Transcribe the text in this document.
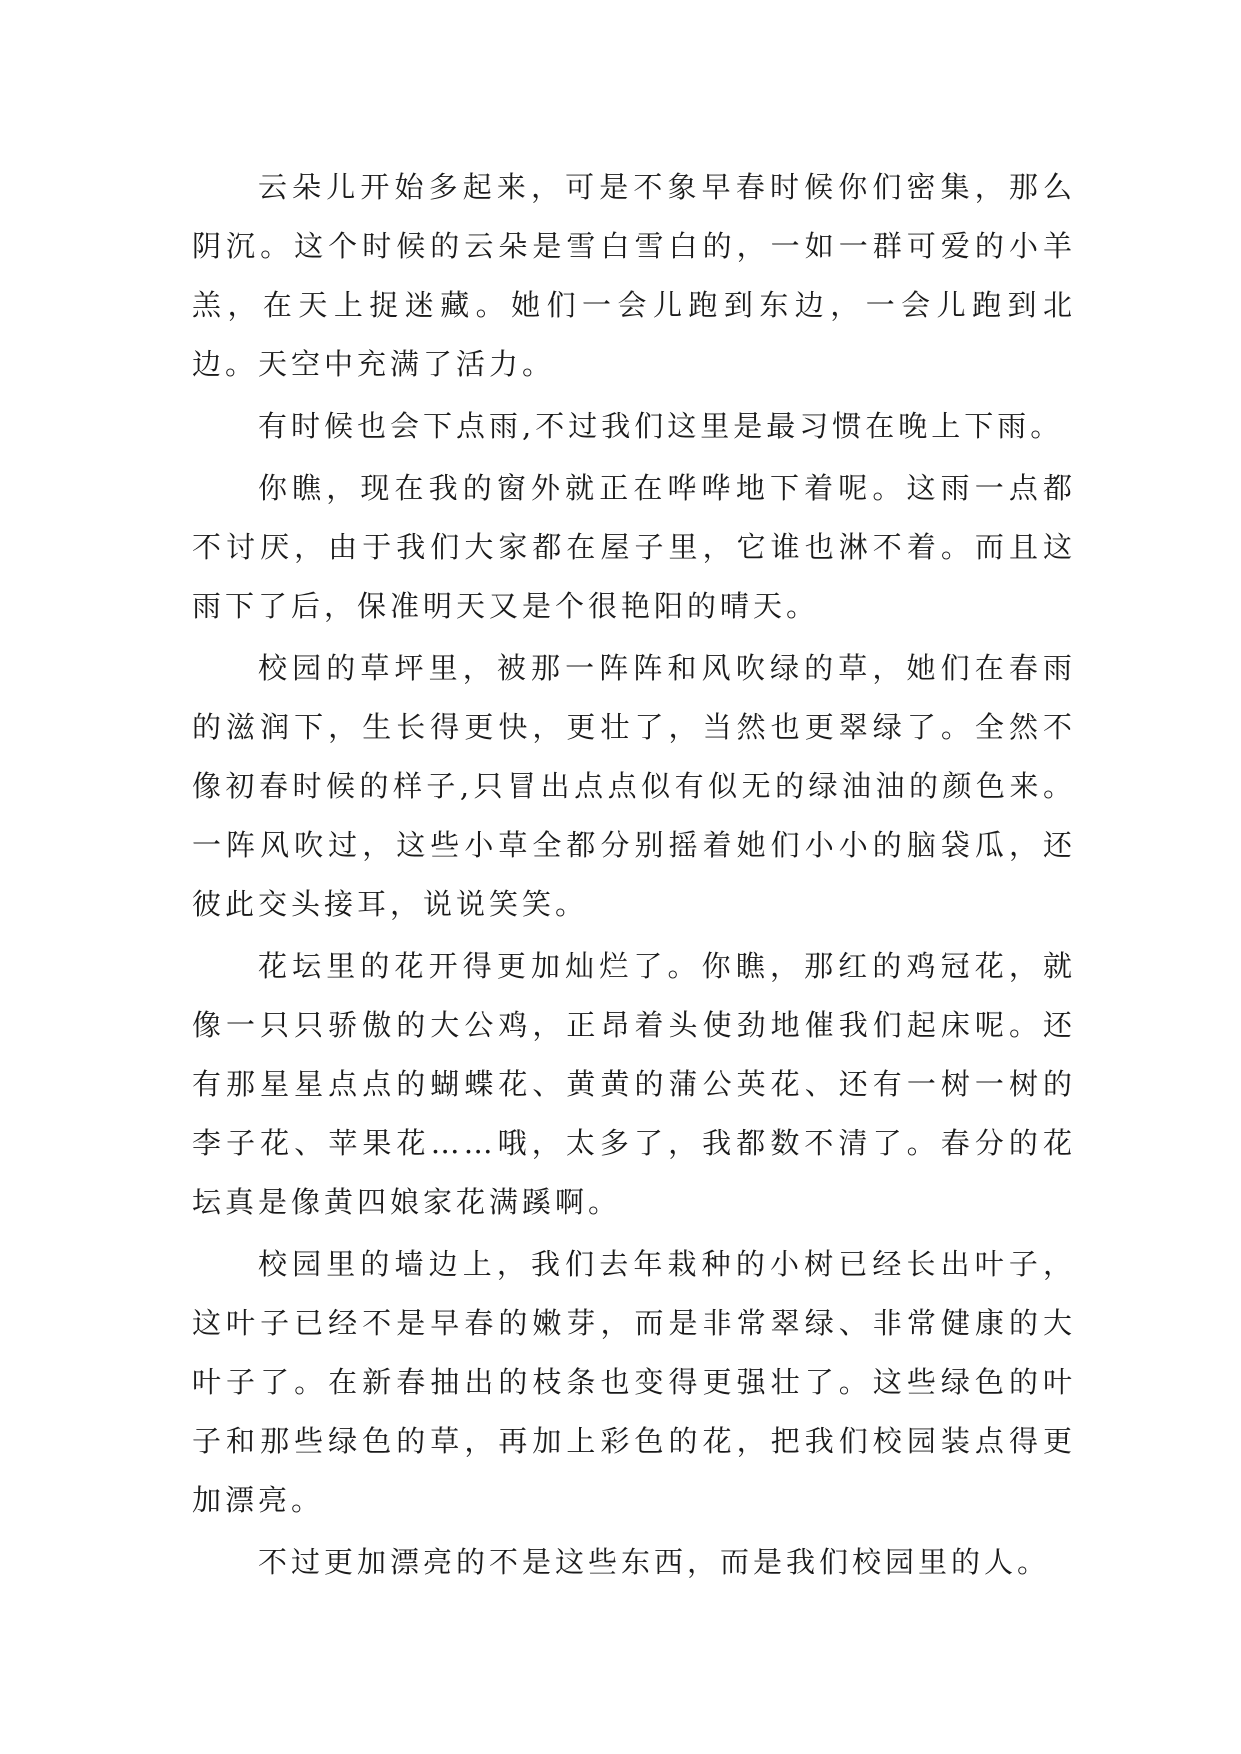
云朵儿开始多起来，可是不象早春时候你们密集，那么阴沉。这个时候的云朵是雪白雪白的，一如一群可爱的小羊羔，在天上捉迷藏。她们一会儿跑到东边，一会儿跑到北边。天空中充满了活力。

有时候也会下点雨,不过我们这里是最习惯在晚上下雨。

你瞧，现在我的窗外就正在哗哗地下着呢。这雨一点都不讨厌，由于我们大家都在屋子里，它谁也淋不着。而且这雨下了后，保准明天又是个很艳阳的晴天。

校园的草坪里，被那一阵阵和风吹绿的草，她们在春雨的滋润下，生长得更快，更壮了，当然也更翠绿了。全然不像初春时候的样子,只冒出点点似有似无的绿油油的颜色来。一阵风吹过，这些小草全都分别摇着她们小小的脑袋瓜，还彼此交头接耳，说说笑笑。

花坛里的花开得更加灿烂了。你瞧，那红的鸡冠花，就像一只只骄傲的大公鸡，正昂着头使劲地催我们起床呢。还有那星星点点的蝴蝶花、黄黄的蒲公英花、还有一树一树的李子花、苹果花……哦，太多了，我都数不清了。春分的花坛真是像黄四娘家花满蹊啊。

校园里的墙边上，我们去年栽种的小树已经长出叶子，这叶子已经不是早春的嫩芽，而是非常翠绿、非常健康的大叶子了。在新春抽出的枝条也变得更强壮了。这些绿色的叶子和那些绿色的草，再加上彩色的花，把我们校园装点得更加漂亮。

不过更加漂亮的不是这些东西，而是我们校园里的人。
